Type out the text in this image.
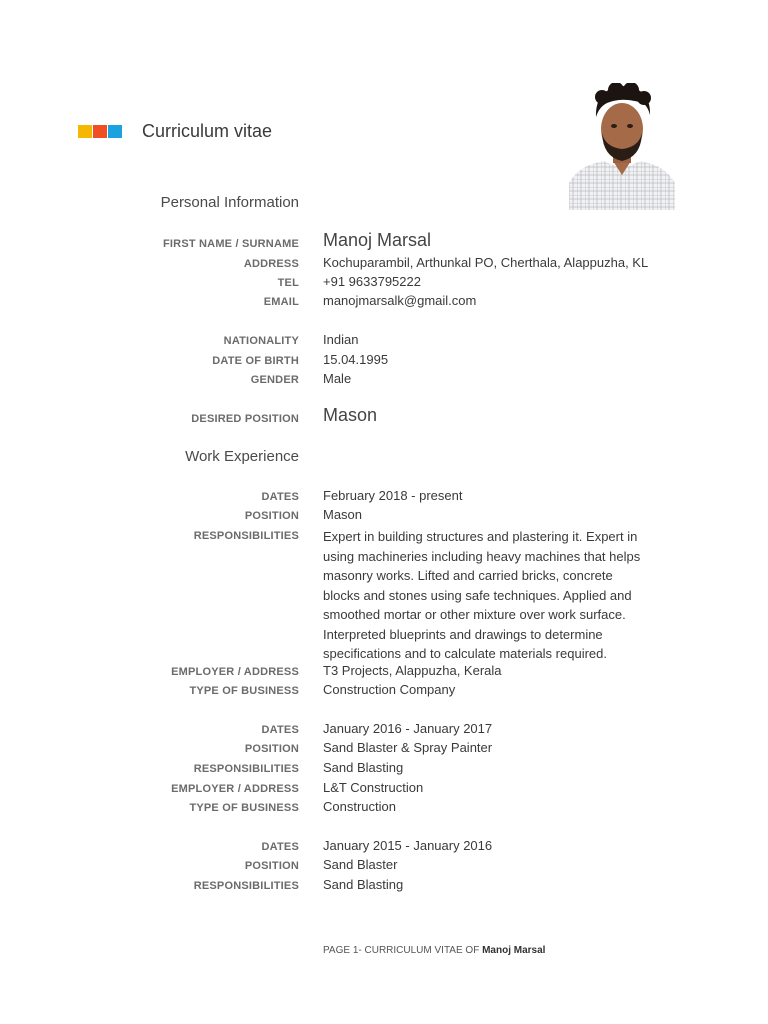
Curriculum vitae
Personal Information
FIRST NAME / SURNAME Manoj Marsal
ADDRESS Kochuparambil, Arthunkal PO, Cherthala, Alappuzha, KL
TEL +91 9633795222
EMAIL manojmarsalk@gmail.com
NATIONALITY Indian
DATE OF BIRTH 15.04.1995
GENDER Male
DESIRED POSITION Mason
Work Experience
DATES February 2018 - present
POSITION Mason
RESPONSIBILITIES Expert in building structures and plastering it. Expert in using machineries including heavy machines that helps masonry works. Lifted and carried bricks, concrete blocks and stones using safe techniques. Applied and smoothed mortar or other mixture over work surface. Interpreted blueprints and drawings to determine specifications and to calculate materials required.
EMPLOYER / ADDRESS T3 Projects, Alappuzha, Kerala
TYPE OF BUSINESS Construction Company
DATES January 2016 - January 2017
POSITION Sand Blaster & Spray Painter
RESPONSIBILITIES Sand Blasting
EMPLOYER / ADDRESS L&T Construction
TYPE OF BUSINESS Construction
DATES January 2015 - January 2016
POSITION Sand Blaster
RESPONSIBILITIES Sand Blasting
PAGE 1- CURRICULUM VITAE OF Manoj Marsal
